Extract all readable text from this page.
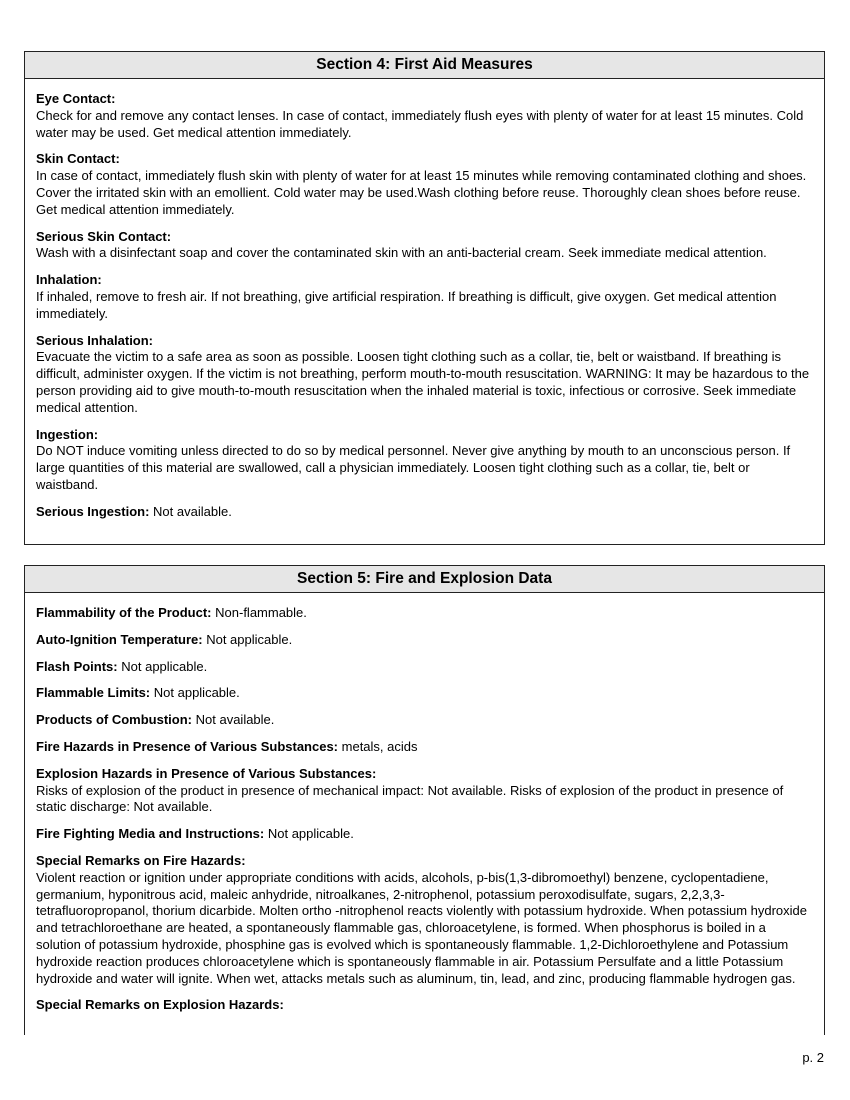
Section 4: First Aid Measures
Eye Contact:
Check for and remove any contact lenses. In case of contact, immediately flush eyes with plenty of water for at least 15 minutes. Cold water may be used. Get medical attention immediately.
Skin Contact:
In case of contact, immediately flush skin with plenty of water for at least 15 minutes while removing contaminated clothing and shoes. Cover the irritated skin with an emollient. Cold water may be used.Wash clothing before reuse. Thoroughly clean shoes before reuse. Get medical attention immediately.
Serious Skin Contact:
Wash with a disinfectant soap and cover the contaminated skin with an anti-bacterial cream. Seek immediate medical attention.
Inhalation:
If inhaled, remove to fresh air. If not breathing, give artificial respiration. If breathing is difficult, give oxygen. Get medical attention immediately.
Serious Inhalation:
Evacuate the victim to a safe area as soon as possible. Loosen tight clothing such as a collar, tie, belt or waistband. If breathing is difficult, administer oxygen. If the victim is not breathing, perform mouth-to-mouth resuscitation. WARNING: It may be hazardous to the person providing aid to give mouth-to-mouth resuscitation when the inhaled material is toxic, infectious or corrosive. Seek immediate medical attention.
Ingestion:
Do NOT induce vomiting unless directed to do so by medical personnel. Never give anything by mouth to an unconscious person. If large quantities of this material are swallowed, call a physician immediately. Loosen tight clothing such as a collar, tie, belt or waistband.
Serious Ingestion: Not available.
Section 5: Fire and Explosion Data
Flammability of the Product: Non-flammable.
Auto-Ignition Temperature: Not applicable.
Flash Points: Not applicable.
Flammable Limits: Not applicable.
Products of Combustion: Not available.
Fire Hazards in Presence of Various Substances: metals, acids
Explosion Hazards in Presence of Various Substances:
Risks of explosion of the product in presence of mechanical impact: Not available. Risks of explosion of the product in presence of static discharge: Not available.
Fire Fighting Media and Instructions: Not applicable.
Special Remarks on Fire Hazards:
Violent reaction or ignition under appropriate conditions with acids, alcohols, p-bis(1,3-dibromoethyl) benzene, cyclopentadiene, germanium, hyponitrous acid, maleic anhydride, nitroalkanes, 2-nitrophenol, potassium peroxodisulfate, sugars, 2,2,3,3-tetrafluoropropanol, thorium dicarbide. Molten ortho -nitrophenol reacts violently with potassium hydroxide. When potassium hydroxide and tetrachloroethane are heated, a spontaneously flammable gas, chloroacetylene, is formed. When phosphorus is boiled in a solution of potassium hydroxide, phosphine gas is evolved which is spontaneously flammable. 1,2-Dichloroethylene and Potassium hydroxide reaction produces chloroacetylene which is spontaneously flammable in air. Potassium Persulfate and a little Potassium hydroxide and water will ignite. When wet, attacks metals such as aluminum, tin, lead, and zinc, producing flammable hydrogen gas.
Special Remarks on Explosion Hazards:
p. 2
